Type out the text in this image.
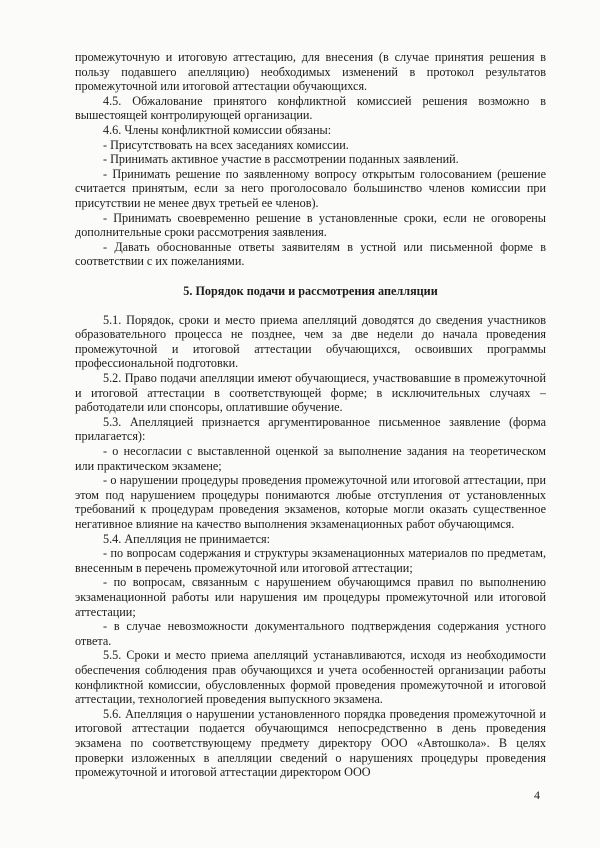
промежуточную и итоговую аттестацию, для внесения (в случае принятия решения в пользу подавшего апелляцию) необходимых изменений в протокол результатов промежуточной или итоговой аттестации обучающихся.

4.5. Обжалование принятого конфликтной комиссией решения возможно в вышестоящей контролирующей организации.

4.6. Члены конфликтной комиссии обязаны:

- Присутствовать на всех заседаниях комиссии.

- Принимать активное участие в рассмотрении поданных заявлений.

- Принимать решение по заявленному вопросу открытым голосованием (решение считается принятым, если за него проголосовало большинство членов комиссии при присутствии не менее двух третьей ее членов).

- Принимать своевременно решение в установленные сроки, если не оговорены дополнительные сроки рассмотрения заявления.

- Давать обоснованные ответы заявителям в устной или письменной форме в соответствии с их пожеланиями.

5. Порядок подачи и рассмотрения апелляции

5.1. Порядок, сроки и место приема апелляций доводятся до сведения участников образовательного процесса не позднее, чем за две недели до начала проведения промежуточной и итоговой аттестации обучающихся, освоивших программы профессиональной подготовки.

5.2. Право подачи апелляции имеют обучающиеся, участвовавшие в промежуточной и итоговой аттестации в соответствующей форме; в исключительных случаях – работодатели или спонсоры, оплатившие обучение.

5.3. Апелляцией признается аргументированное письменное заявление (форма прилагается):

- о несогласии с выставленной оценкой за выполнение задания на теоретическом или практическом экзамене;

- о нарушении процедуры проведения промежуточной или итоговой аттестации, при этом под нарушением процедуры понимаются любые отступления от установленных требований к процедурам проведения экзаменов, которые могли оказать существенное негативное влияние на качество выполнения экзаменационных работ обучающимся.

5.4. Апелляция не принимается:

- по вопросам содержания и структуры экзаменационных материалов по предметам, внесенным в перечень промежуточной или итоговой аттестации;

- по вопросам, связанным с нарушением обучающимся правил по выполнению экзаменационной работы или нарушения им процедуры промежуточной или итоговой аттестации;

- в случае невозможности документального подтверждения содержания устного ответа.

5.5. Сроки и место приема апелляций устанавливаются, исходя из необходимости обеспечения соблюдения прав обучающихся и учета особенностей организации работы конфликтной комиссии, обусловленных формой проведения промежуточной и итоговой аттестации, технологией проведения выпускного экзамена.

5.6. Апелляция о нарушении установленного порядка проведения промежуточной и итоговой аттестации подается обучающимся непосредственно в день проведения экзамена по соответствующему предмету директору ООО «Автошкола». В целях проверки изложенных в апелляции сведений о нарушениях процедуры проведения промежуточной и итоговой аттестации директором ООО

4
